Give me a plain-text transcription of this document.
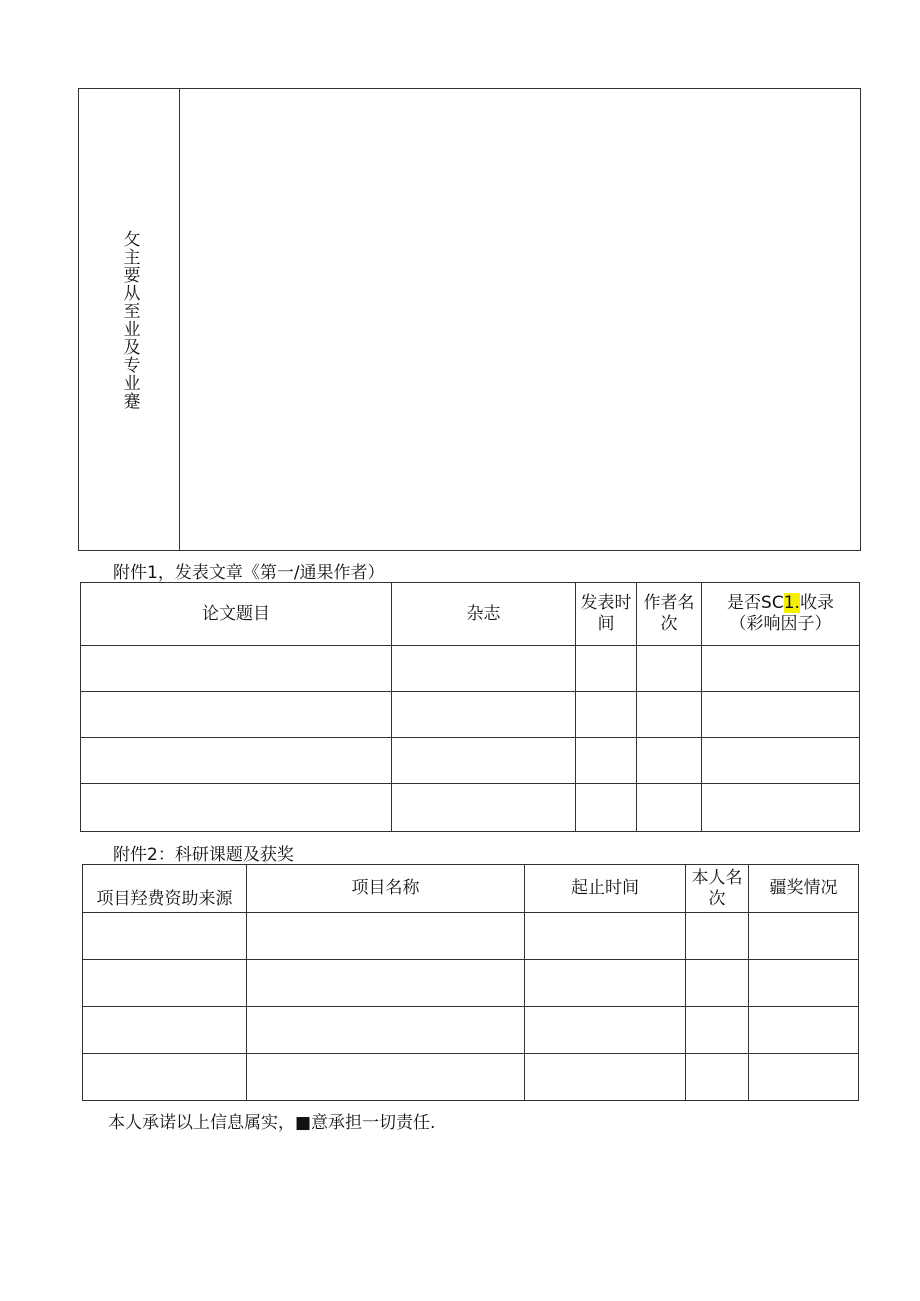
攵主要从至业及专业蹇
附件1，发表文章《第一/通果作者）
论文题目	杂志	发表时间	作者名次	是否SC1.收录
（彩响因子）

附件2：科研课题及获奖
项目羟费资助来源	项目名称	起止时间	本人名次	疆奖情况

本人承诺以上信息属实，■意承担一切责任.
